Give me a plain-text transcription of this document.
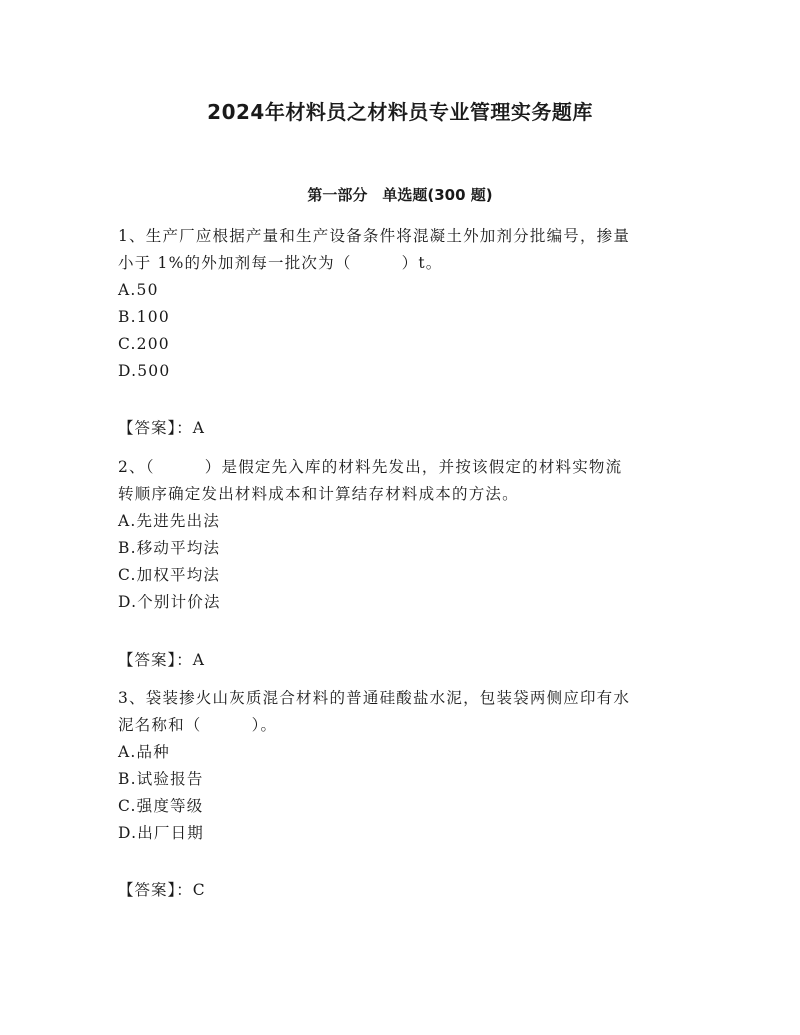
2024年材料员之材料员专业管理实务题库
第一部分　单选题(300 题)

1、生产厂应根据产量和生产设备条件将混凝土外加剂分批编号，掺量
小于 1%的外加剂每一批次为（　　　）t。

A.50
B.100
C.200
D.500
【答案】：A

2、（　　　）是假定先入库的材料先发出，并按该假定的材料实物流
转顺序确定发出材料成本和计算结存材料成本的方法。

A.先进先出法
B.移动平均法
C.加权平均法
D.个别计价法
【答案】：A

3、袋装掺火山灰质混合材料的普通硅酸盐水泥，包装袋两侧应印有水
泥名称和（　　　）。

A.品种
B.试验报告
C.强度等级
D.出厂日期
【答案】：C
